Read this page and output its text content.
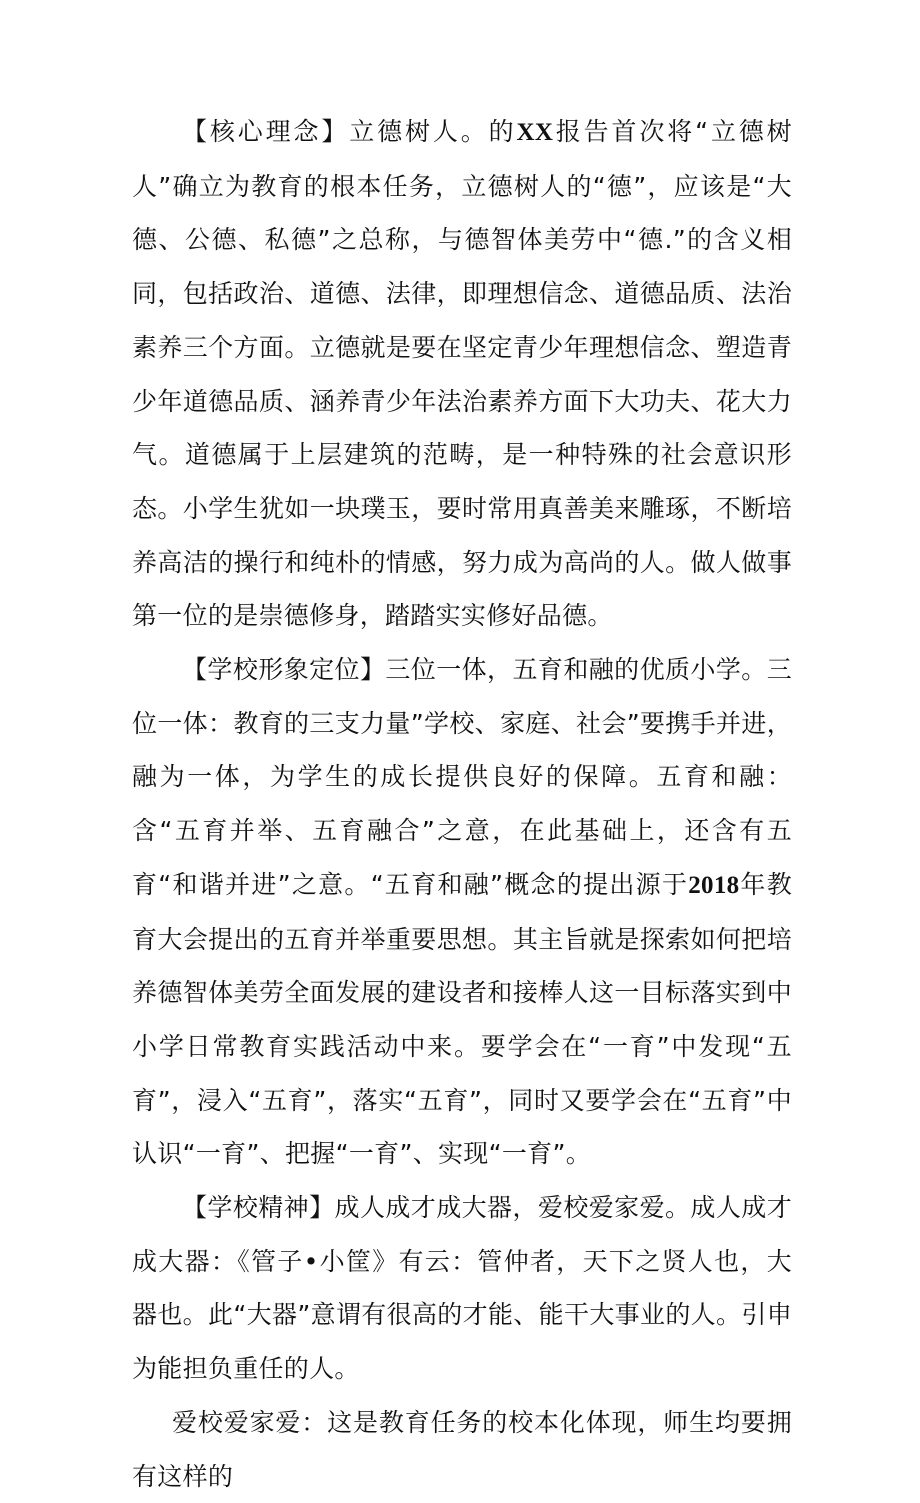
【核心理念】立德树人。的XX报告首次将“立德树人”确立为教育的根本任务，立德树人的“德”，应该是“大德、公德、私德”之总称，与德智体美劳中“德.”的含义相同，包括政治、道德、法律，即理想信念、道德品质、法治素养三个方面。立德就是要在坚定青少年理想信念、塑造青少年道德品质、涵养青少年法治素养方面下大功夫、花大力气。道德属于上层建筑的范畴，是一种特殊的社会意识形态。小学生犹如一块璞玉，要时常用真善美来雕琢，不断培养高洁的操行和纯朴的情感，努力成为高尚的人。做人做事第一位的是崇德修身，踏踏实实修好品德。

【学校形象定位】三位一体，五育和融的优质小学。三位一体：教育的三支力量”学校、家庭、社会”要携手并进，融为一体，为学生的成长提供良好的保障。五育和融：含“五育并举、五育融合”之意，在此基础上，还含有五育“和谐并进”之意。“五育和融”概念的提出源于2018年教育大会提出的五育并举重要思想。其主旨就是探索如何把培养德智体美劳全面发展的建设者和接棒人这一目标落实到中小学日常教育实践活动中来。要学会在“一育”中发现“五育”，浸入“五育”，落实“五育”，同时又要学会在“五育”中认识“一育”、把握“一育”、实现“一育”。

【学校精神】成人成才成大器，爱校爱家爱。成人成才成大器：《管子•小筐》有云：管仲者，天下之贤人也，大器也。此“大器”意谓有很高的才能、能干大事业的人。引申为能担负重任的人。

爱校爱家爱：这是教育任务的校本化体现，师生均要拥有这样的
